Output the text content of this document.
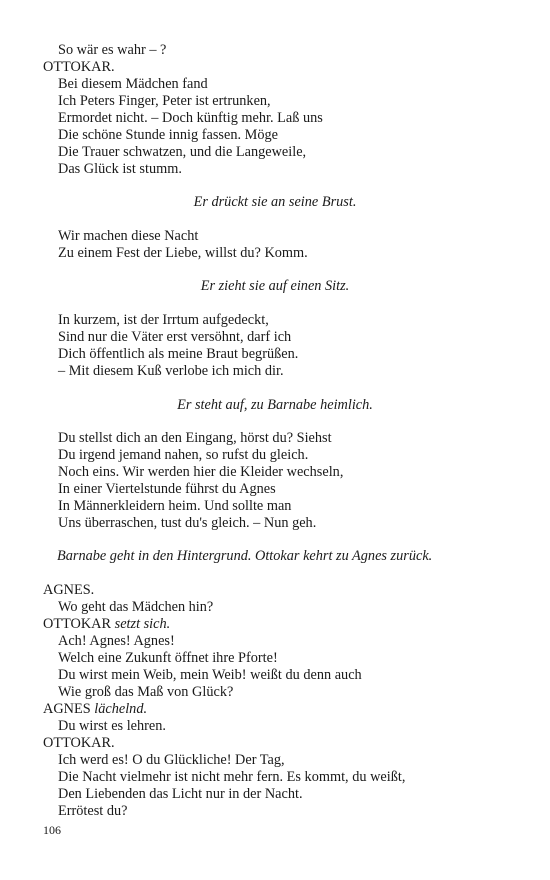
So wär es wahr – ?
OTTOKAR.
Bei diesem Mädchen fand
Ich Peters Finger, Peter ist ertrunken,
Ermordet nicht. – Doch künftig mehr. Laß uns
Die schöne Stunde innig fassen. Möge
Die Trauer schwatzen, und die Langeweile,
Das Glück ist stumm.
Er drückt sie an seine Brust.
Wir machen diese Nacht
Zu einem Fest der Liebe, willst du? Komm.
Er zieht sie auf einen Sitz.
In kurzem, ist der Irrtum aufgedeckt,
Sind nur die Väter erst versöhnt, darf ich
Dich öffentlich als meine Braut begrüßen.
– Mit diesem Kuß verlobe ich mich dir.
Er steht auf, zu Barnabe heimlich.
Du stellst dich an den Eingang, hörst du? Siehst
Du irgend jemand nahen, so rufst du gleich.
Noch eins. Wir werden hier die Kleider wechseln,
In einer Viertelstunde führst du Agnes
In Männerkleidern heim. Und sollte man
Uns überraschen, tust du's gleich. – Nun geh.
Barnabe geht in den Hintergrund. Ottokar kehrt zu Agnes zurück.
AGNES.
Wo geht das Mädchen hin?
OTTOKAR setzt sich.
Ach! Agnes! Agnes!
Welch eine Zukunft öffnet ihre Pforte!
Du wirst mein Weib, mein Weib! weißt du denn auch
Wie groß das Maß von Glück?
AGNES lächelnd.
Du wirst es lehren.
OTTOKAR.
Ich werd es! O du Glückliche! Der Tag,
Die Nacht vielmehr ist nicht mehr fern. Es kommt, du weißt,
Den Liebenden das Licht nur in der Nacht.
Errötest du?
106
